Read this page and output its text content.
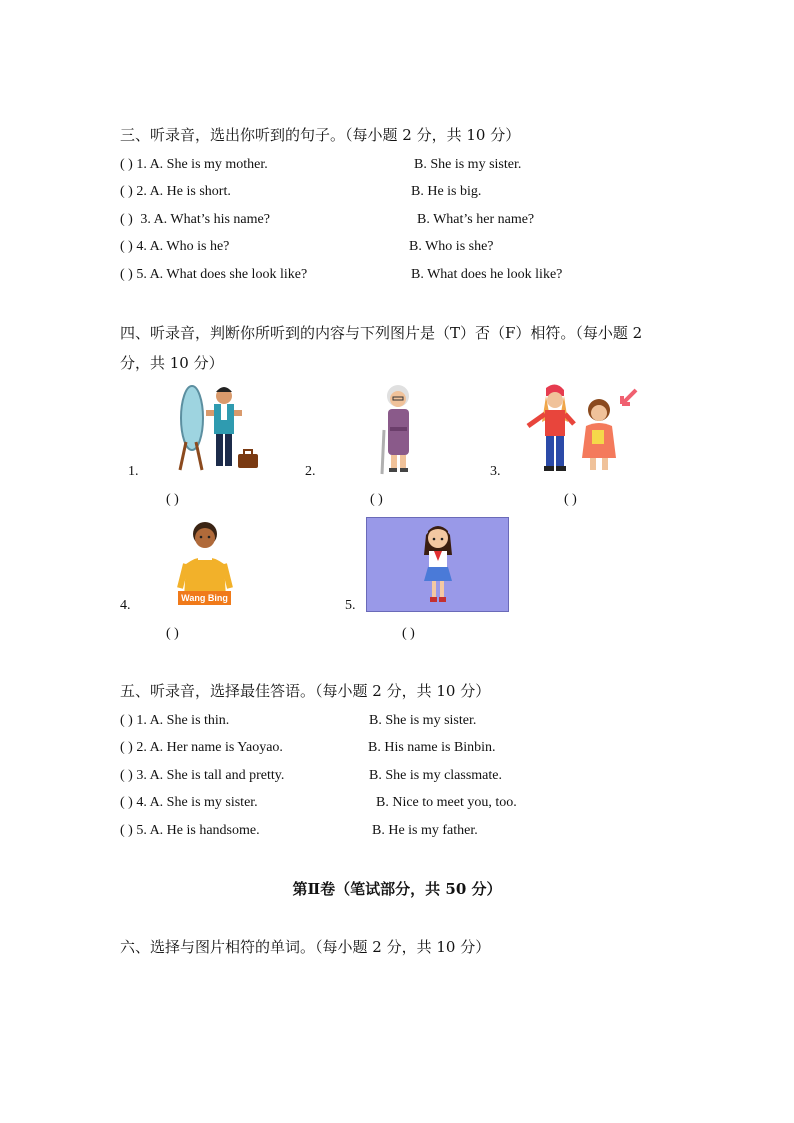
三、听录音，选出你听到的句子。（每小题 2 分，共 10 分）
( ) 1. A. She is my mother.	B. She is my sister.
( ) 2. A. He is short.	B. He is big.
( ) 3. A. What’s his name?	B. What’s her name?
( ) 4. A. Who is he?	B. Who is she?
( ) 5. A. What does she look like?	B. What does he look like?
四、听录音，判断你所听到的内容与下列图片是（T）否（F）相符。（每小题 2
分，共 10 分）
1.
( )
2.
( )
3.
( )
4.	Wang Bing
( )
5.
( )
五、听录音，选择最佳答语。（每小题 2 分，共 10 分）
( ) 1. A. She is thin.	B. She is my sister.
( ) 2. A. Her name is Yaoyao.	B. His name is Binbin.
( ) 3. A. She is tall and pretty.	B. She is my classmate.
( ) 4. A. She is my sister.	B. Nice to meet you, too.
( ) 5. A. He is handsome.	B. He is my father.
第Ⅱ卷（笔试部分，共 50 分）
六、选择与图片相符的单词。（每小题 2 分，共 10 分）
